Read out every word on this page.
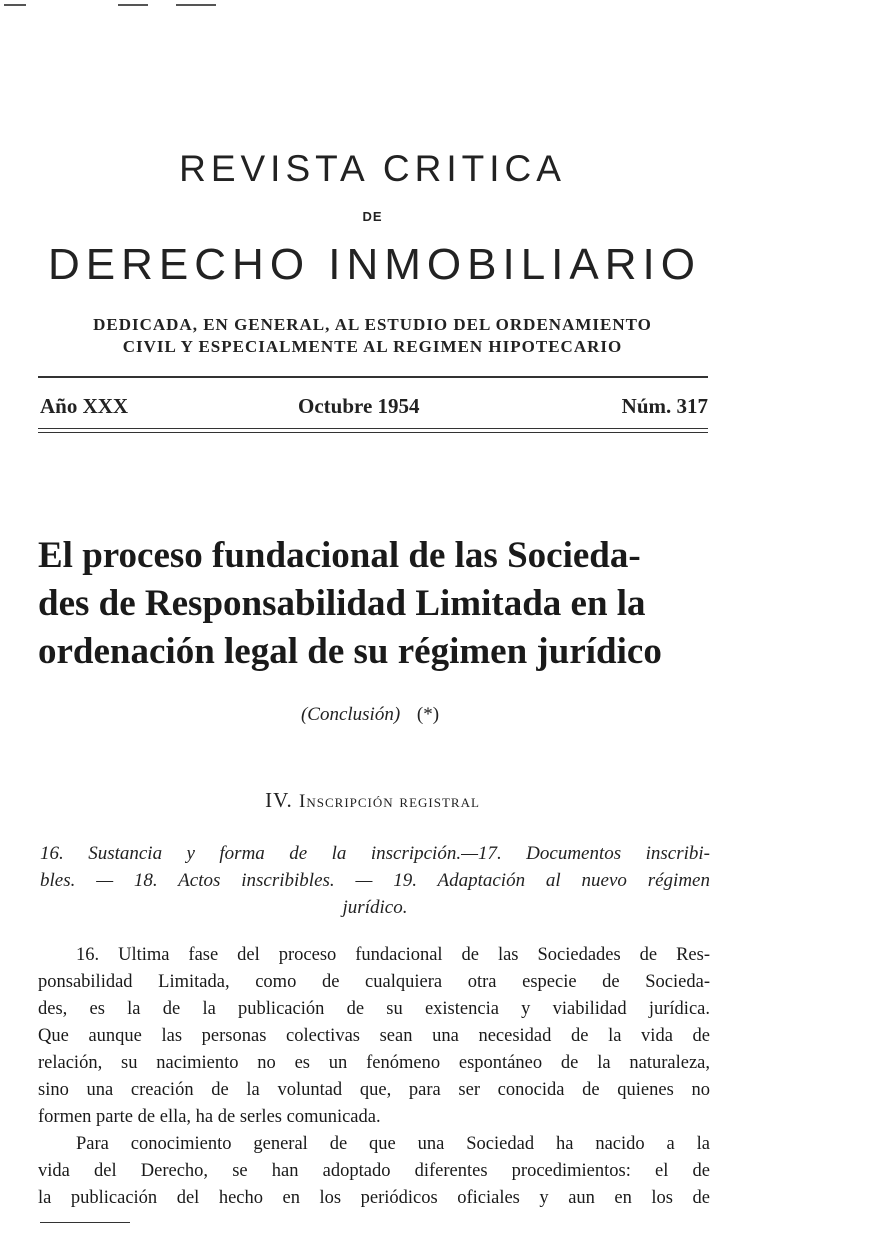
REVISTA CRITICA
DE
DERECHO INMOBILIARIO
DEDICADA, EN GENERAL, AL ESTUDIO DEL ORDENAMIENTO
CIVIL Y ESPECIALMENTE AL REGIMEN HIPOTECARIO
Año XXX	Octubre 1954	Núm. 317
El proceso fundacional de las Socieda-
des de Responsabilidad Limitada en la
ordenación legal de su régimen jurídico
(Conclusión) (*)
IV. Inscripción registral
16. Sustancia y forma de la inscripción.—17. Documentos inscribi-
bles. — 18. Actos inscribibles. — 19. Adaptación al nuevo régimen
jurídico.

16. Ultima fase del proceso fundacional de las Sociedades de Res-
ponsabilidad Limitada, como de cualquiera otra especie de Socieda-
des, es la de la publicación de su existencia y viabilidad jurídica.
Que aunque las personas colectivas sean una necesidad de la vida de
relación, su nacimiento no es un fenómeno espontáneo de la naturaleza,
sino una creación de la voluntad que, para ser conocida de quienes no
formen parte de ella, ha de serles comunicada.

Para conocimiento general de que una Sociedad ha nacido a la
vida del Derecho, se han adoptado diferentes procedimientos: el de
la publicación del hecho en los periódicos oficiales y aun en los de
